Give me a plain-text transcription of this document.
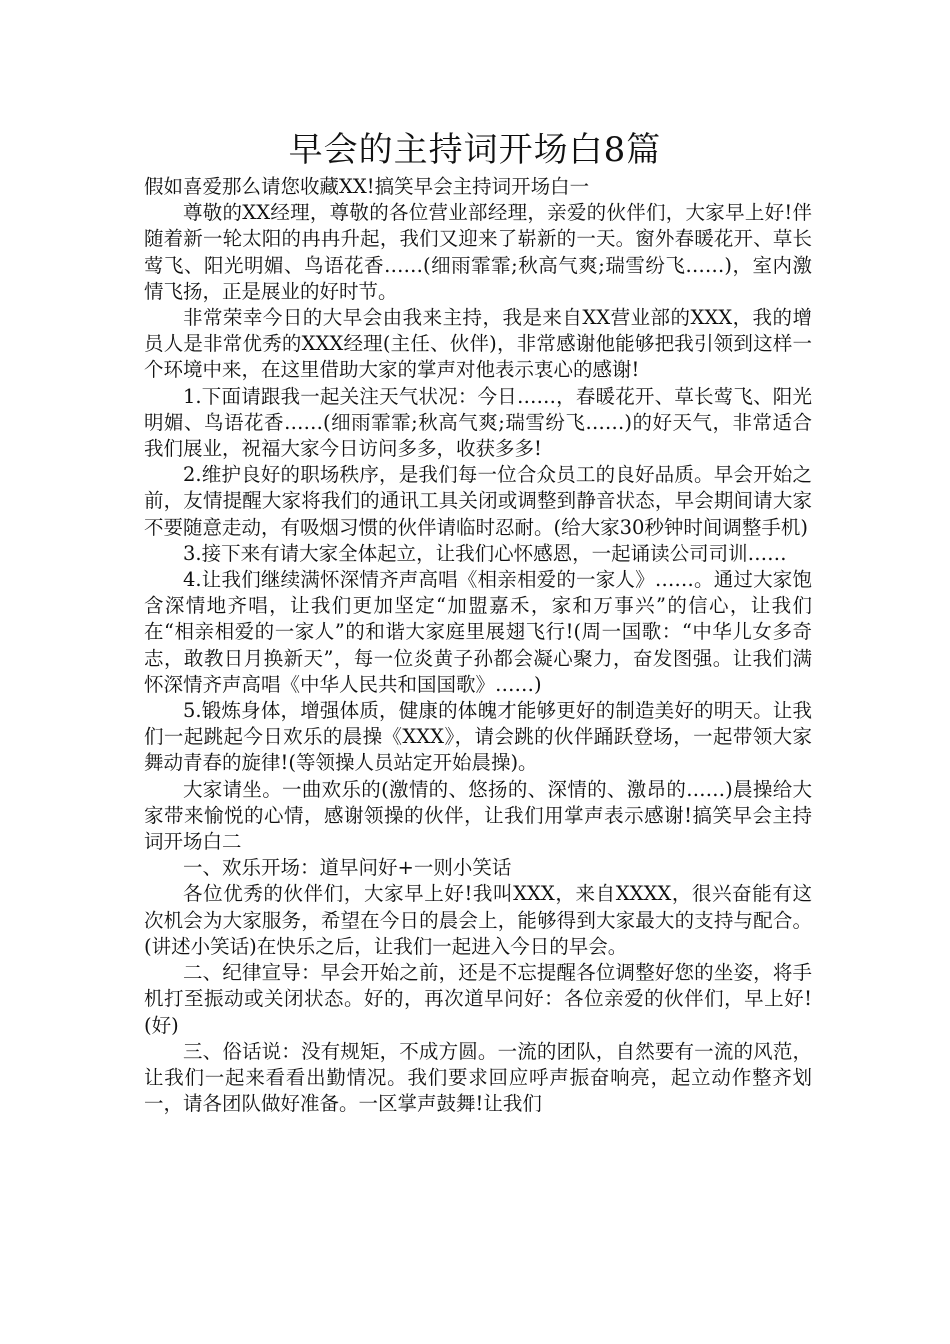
早会的主持词开场白8篇

假如喜爱那么请您收藏XX!搞笑早会主持词开场白一

尊敬的XX经理，尊敬的各位营业部经理，亲爱的伙伴们，大家早上好!伴随着新一轮太阳的冉冉升起，我们又迎来了崭新的一天。窗外春暖花开、草长莺飞、阳光明媚、鸟语花香……(细雨霏霏;秋高气爽;瑞雪纷飞……)，室内激情飞扬，正是展业的好时节。

非常荣幸今日的大早会由我来主持，我是来自XX营业部的XXX，我的增员人是非常优秀的XXX经理(主任、伙伴)，非常感谢他能够把我引领到这样一个环境中来，在这里借助大家的掌声对他表示衷心的感谢!

1.下面请跟我一起关注天气状况：今日……，春暖花开、草长莺飞、阳光明媚、鸟语花香……(细雨霏霏;秋高气爽;瑞雪纷飞……)的好天气，非常适合我们展业，祝福大家今日访问多多，收获多多!

2.维护良好的职场秩序，是我们每一位合众员工的良好品质。早会开始之前，友情提醒大家将我们的通讯工具关闭或调整到静音状态，早会期间请大家不要随意走动，有吸烟习惯的伙伴请临时忍耐。(给大家30秒钟时间调整手机)

3.接下来有请大家全体起立，让我们心怀感恩，一起诵读公司司训……

4.让我们继续满怀深情齐声高唱《相亲相爱的一家人》……。通过大家饱含深情地齐唱，让我们更加坚定“加盟嘉禾，家和万事兴”的信心，让我们在“相亲相爱的一家人”的和谐大家庭里展翅飞行!(周一国歌：“中华儿女多奇志，敢教日月换新天”，每一位炎黄子孙都会凝心聚力，奋发图强。让我们满怀深情齐声高唱《中华人民共和国国歌》……)

5.锻炼身体，增强体质，健康的体魄才能够更好的制造美好的明天。让我们一起跳起今日欢乐的晨操《XXX》，请会跳的伙伴踊跃登场，一起带领大家舞动青春的旋律!(等领操人员站定开始晨操)。

大家请坐。一曲欢乐的(激情的、悠扬的、深情的、激昂的……)晨操给大家带来愉悦的心情，感谢领操的伙伴，让我们用掌声表示感谢!搞笑早会主持词开场白二

一、欢乐开场：道早问好+一则小笑话

各位优秀的伙伴们，大家早上好!我叫XXX，来自XXXX，很兴奋能有这次机会为大家服务，希望在今日的晨会上，能够得到大家最大的支持与配合。(讲述小笑话)在快乐之后，让我们一起进入今日的早会。

二、纪律宣导：早会开始之前，还是不忘提醒各位调整好您的坐姿，将手机打至振动或关闭状态。好的，再次道早问好：各位亲爱的伙伴们，早上好!(好)

三、俗话说：没有规矩，不成方圆。一流的团队，自然要有一流的风范，让我们一起来看看出勤情况。我们要求回应呼声振奋响亮，起立动作整齐划一，请各团队做好准备。一区掌声鼓舞!让我们
